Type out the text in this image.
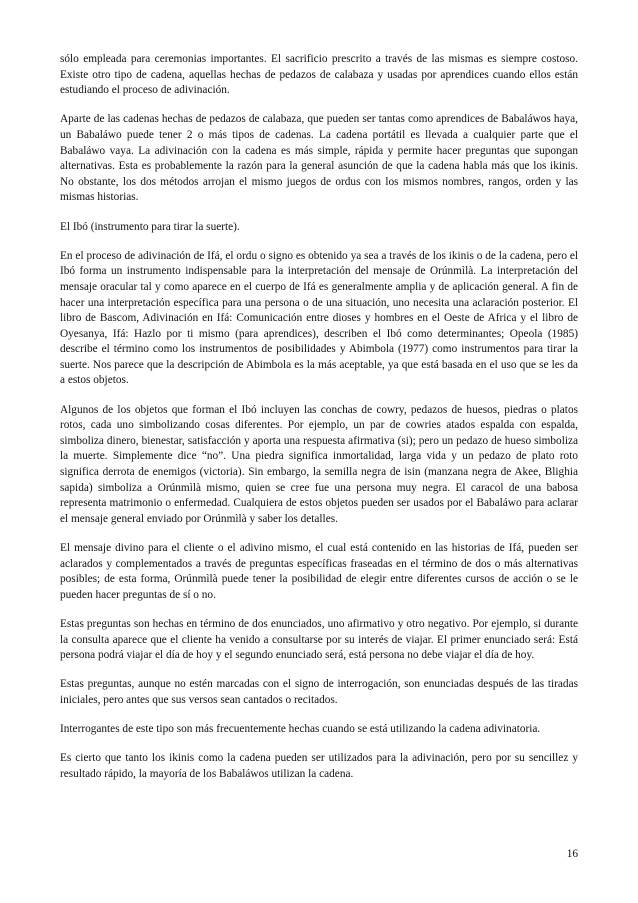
sólo empleada para ceremonias importantes. El sacrificio prescrito a través de las mismas es siempre costoso. Existe otro tipo de cadena, aquellas hechas de pedazos de calabaza y usadas por aprendices cuando ellos están estudiando el proceso de adivinación.

Aparte de las cadenas hechas de pedazos de calabaza, que pueden ser tantas como aprendices de Babaláwos haya, un Babaláwo puede tener 2 o más tipos de cadenas. La cadena portátil es llevada a cualquier parte que el Babaláwo vaya. La adivinación con la cadena es más simple, rápida y permite hacer preguntas que supongan alternativas. Esta es probablemente la razón para la general asunción de que la cadena habla más que los ikinis. No obstante, los dos métodos arrojan el mismo juegos de ordus con los mismos nombres, rangos, orden y las mismas historias.

El Ibó (instrumento para tirar la suerte).

En el proceso de adivinación de Ifá, el ordu o signo es obtenido ya sea a través de los ikinis o de la cadena, pero el Ibó forma un instrumento indispensable para la interpretación del mensaje de Orúnmìlà. La interpretación del mensaje oracular tal y como aparece en el cuerpo de Ifá es generalmente amplia y de aplicación general. A fin de hacer una interpretación específica para una persona o de una situación, uno necesita una aclaración posterior. El libro de Bascom, Adivinación en Ifá: Comunicación entre dioses y hombres en el Oeste de Africa y el libro de Oyesanya, Ifá: Hazlo por ti mismo (para aprendices), describen el Ibó como determinantes; Opeola (1985) describe el término como los instrumentos de posibilidades y Abimbola (1977) como instrumentos para tirar la suerte. Nos parece que la descripción de Abimbola es la más aceptable, ya que está basada en el uso que se les da a estos objetos.

Algunos de los objetos que forman el Ibó incluyen las conchas de cowry, pedazos de huesos, piedras o platos rotos, cada uno simbolizando cosas diferentes. Por ejemplo, un par de cowries atados espalda con espalda, simboliza dinero, bienestar, satisfacción y aporta una respuesta afirmativa (si); pero un pedazo de hueso simboliza la muerte. Simplemente dice “no”. Una piedra significa inmortalidad, larga vida y un pedazo de plato roto significa derrota de enemigos (victoria). Sin embargo, la semilla negra de isin (manzana negra de Akee, Blighia sapida) simboliza a Orúnmìlà mismo, quien se cree fue una persona muy negra. El caracol de una babosa representa matrimonio o enfermedad. Cualquiera de estos objetos pueden ser usados por el Babaláwo para aclarar el mensaje general enviado por Orúnmìlà y saber los detalles.

El mensaje divino para el cliente o el adivino mismo, el cual está contenido en las historias de Ifá, pueden ser aclarados y complementados a través de preguntas específicas fraseadas en el término de dos o más alternativas posibles; de esta forma, Orúnmìlà puede tener la posibilidad de elegir entre diferentes cursos de acción o se le pueden hacer preguntas de sí o no.

Estas preguntas son hechas en término de dos enunciados, uno afirmativo y otro negativo. Por ejemplo, si durante la consulta aparece que el cliente ha venido a consultarse por su interés de viajar. El primer enunciado será: Está persona podrá viajar el día de hoy y el segundo enunciado será, está persona no debe viajar el día de hoy.

Estas preguntas, aunque no estén marcadas con el signo de interrogación, son enunciadas después de las tiradas iniciales, pero antes que sus versos sean cantados o recitados.

Interrogantes de este tipo son más frecuentemente hechas cuando se está utilizando la cadena adivinatoria.

Es cierto que tanto los ikinis como la cadena pueden ser utilizados para la adivinación, pero por su sencillez y resultado rápido, la mayoría de los Babaláwos utilizan la cadena.

16
